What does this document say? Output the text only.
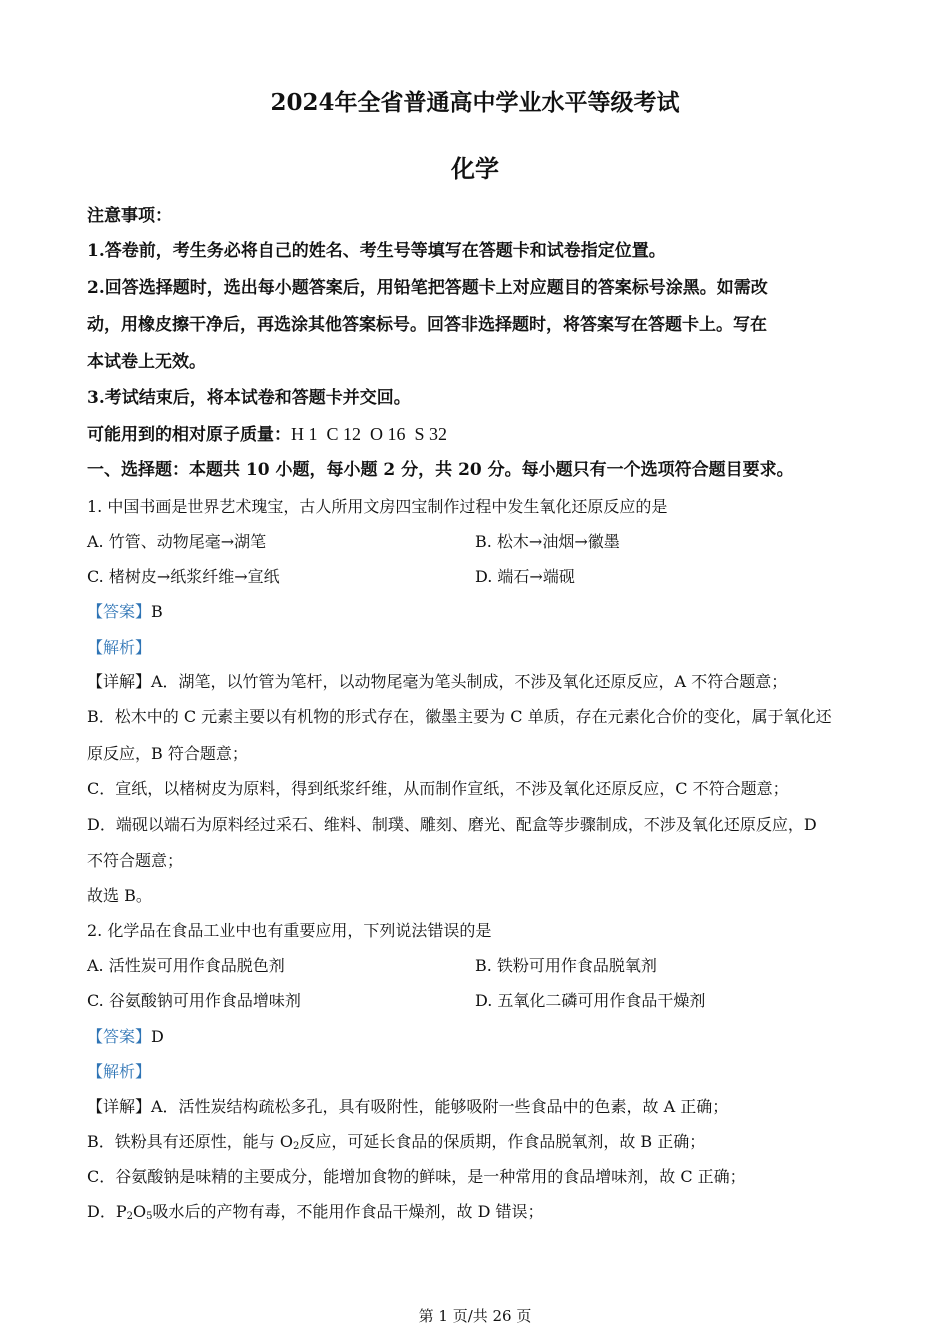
2024年全省普通高中学业水平等级考试
化学
注意事项：
1.答卷前，考生务必将自己的姓名、考生号等填写在答题卡和试卷指定位置。
2.回答选择题时，选出每小题答案后，用铅笔把答题卡上对应题目的答案标号涂黑。如需改
动，用橡皮擦干净后，再选涂其他答案标号。回答非选择题时，将答案写在答题卡上。写在
本试卷上无效。
3.考试结束后，将本试卷和答题卡并交回。
可能用到的相对原子质量：H 1  C 12  O 16  S 32
一、选择题：本题共 10 小题，每小题 2 分，共 20 分。每小题只有一个选项符合题目要求。
1. 中国书画是世界艺术瑰宝，古人所用文房四宝制作过程中发生氧化还原反应的是
A. 竹管、动物尾毫→湖笔	B. 松木→油烟→徽墨
C. 楮树皮→纸浆纤维→宣纸	D. 端石→端砚
【答案】B
【解析】
【详解】A．湖笔，以竹管为笔杆，以动物尾毫为笔头制成，不涉及氧化还原反应，A 不符合题意；
B．松木中的 C 元素主要以有机物的形式存在，徽墨主要为 C 单质，存在元素化合价的变化，属于氧化还
原反应，B 符合题意；
C．宣纸，以楮树皮为原料，得到纸浆纤维，从而制作宣纸，不涉及氧化还原反应，C 不符合题意；
D．端砚以端石为原料经过采石、维料、制璞、雕刻、磨光、配盒等步骤制成，不涉及氧化还原反应，D
不符合题意；
故选 B。
2. 化学品在食品工业中也有重要应用，下列说法错误的是
A. 活性炭可用作食品脱色剂	B. 铁粉可用作食品脱氧剂
C. 谷氨酸钠可用作食品增味剂	D. 五氧化二磷可用作食品干燥剂
【答案】D
【解析】
【详解】A．活性炭结构疏松多孔，具有吸附性，能够吸附一些食品中的色素，故 A 正确；
B．铁粉具有还原性，能与 $O_2$反应，可延长食品的保质期，作食品脱氧剂，故 B 正确；
C．谷氨酸钠是味精的主要成分，能增加食物的鲜味，是一种常用的食品增味剂，故 C 正确；
D．$P_2O_5$吸水后的产物有毒，不能用作食品干燥剂，故 D 错误；
第 1 页/共 26 页
